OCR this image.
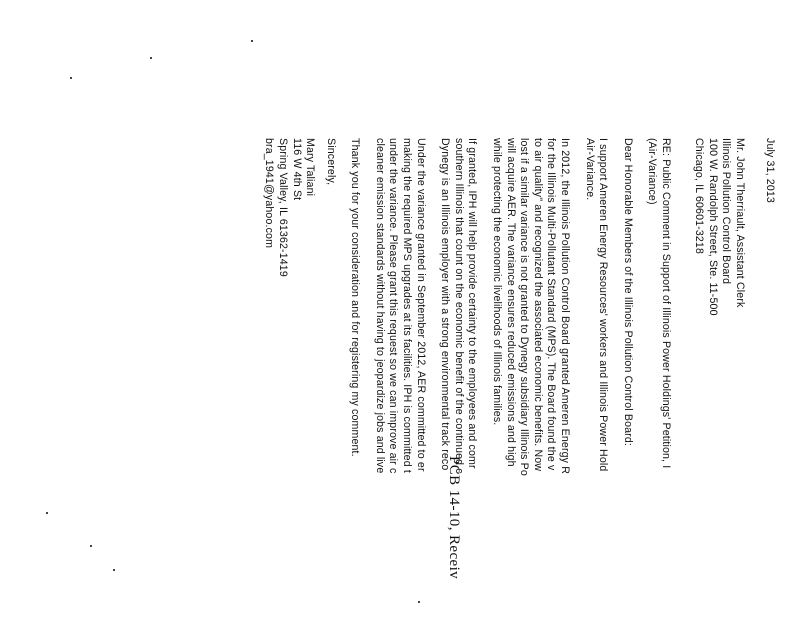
PCB 14-10, Receiv
July 31, 2013
Mr. John Therriault, Assistant Clerk
Illinois Pollution Control Board
100 W. Randolph Street, Ste. 11-500
Chicago, IL 60601-3218
RE: Public Comment in Support of Illinois Power Holdings' Petition, I
(Air-Variance)
Dear Honorable Members of the Illinois Pollution Control Board:
I support Ameren Energy Resources' workers and Illinois Power Hold
Air-Variance.
In 2012, the Illinois Pollution Control Board granted Ameren Energy R
for the Illinois Multi-Pollutant Standard (MPS). The Board found the v
to air quality" and recognized the associated economic benefits. Now
lost if a similar variance is not granted to Dynegy subsidiary Illinois Po
will acquire AER. The variance ensures reduced emissions and high
while protecting the economic livelihoods of Illinois families.
If granted, IPH will help provide certainty to the employees and comr
southern Illinois that count on the economic benefit of the continued c
Dynegy is an Illinois employer with a strong environmental track reco
Under the variance granted in September 2012, AER committed to er
making the required MPS upgrades at its facilities. IPH is committed t
under the variance. Please grant this request so we can improve air c
cleaner emission standards without having to jeopardize jobs and live
Thank you for your consideration and for registering my comment.
Sincerely,
Mary Taliani
116 W 4th St
Spring Valley, IL 61362-1419
bra_1941@yahoo.com
